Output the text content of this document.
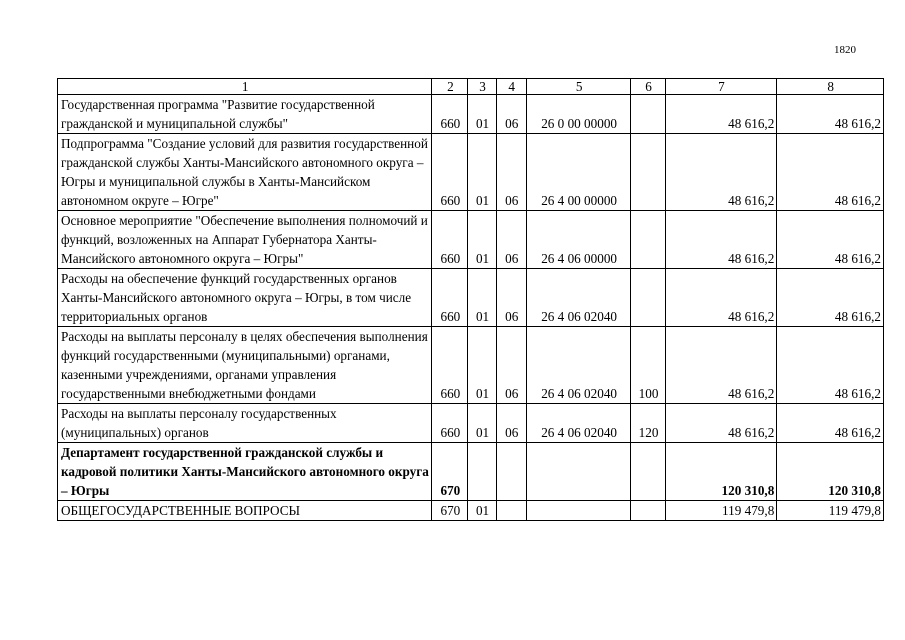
1820
1	2	3	4	5	6	7	8
Государственная программа "Развитие государственной гражданской и муниципальной службы"	660	01	06	26 0 00 00000		48 616,2	48 616,2
Подпрограмма "Создание условий для развития государственной гражданской службы Ханты-Мансийского автономного округа – Югры и муниципальной службы в Ханты-Мансийском автономном округе – Югре"	660	01	06	26 4 00 00000		48 616,2	48 616,2
Основное мероприятие "Обеспечение выполнения полномочий и функций, возложенных на Аппарат Губернатора Ханты-Мансийского автономного округа – Югры"	660	01	06	26 4 06 00000		48 616,2	48 616,2
Расходы на обеспечение функций государственных органов Ханты-Мансийского автономного округа – Югры, в том числе территориальных органов	660	01	06	26 4 06 02040		48 616,2	48 616,2
Расходы на выплаты персоналу в целях обеспечения выполнения функций государственными (муниципальными) органами, казенными учреждениями, органами управления государственными внебюджетными фондами	660	01	06	26 4 06 02040	100	48 616,2	48 616,2
Расходы на выплаты персоналу государственных (муниципальных) органов	660	01	06	26 4 06 02040	120	48 616,2	48 616,2
Департамент государственной гражданской службы и кадровой политики Ханты-Мансийского автономного округа – Югры	670					120 310,8	120 310,8
ОБЩЕГОСУДАРСТВЕННЫЕ ВОПРОСЫ	670	01				119 479,8	119 479,8
